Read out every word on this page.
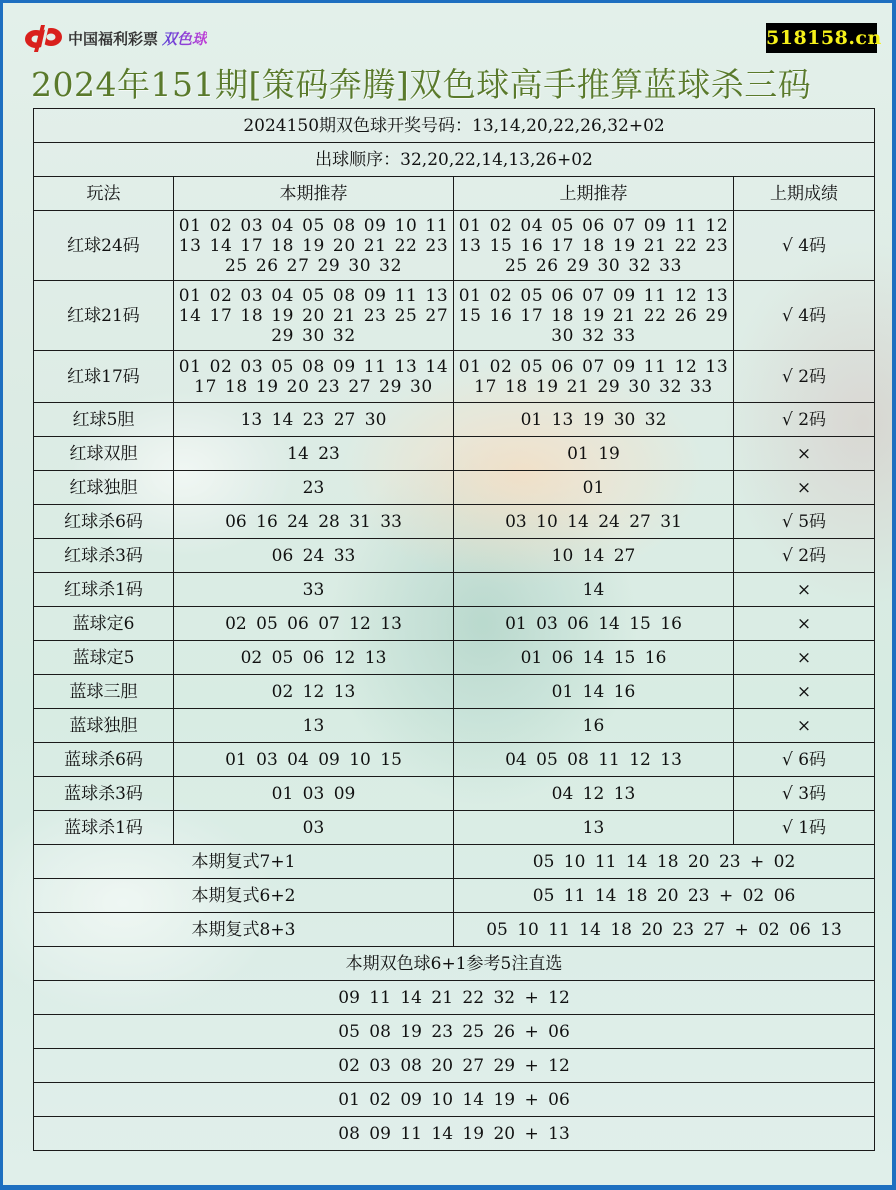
中国福利彩票 双色球	518158.cn
2024年151期[策码奔腾]双色球高手推算蓝球杀三码
2024150期双色球开奖号码：13,14,20,22,26,32+02			
出球顺序：32,20,22,14,13,26+02			
玩法	本期推荐	上期推荐	上期成绩
红球24码	01 02 03 04 05 08 09 10 11
13 14 17 18 19 20 21 22 23
25 26 27 29 30 32	01 02 04 05 06 07 09 11 12
13 15 16 17 18 19 21 22 23
25 26 29 30 32 33	√ 4码
红球21码	01 02 03 04 05 08 09 11 13
14 17 18 19 20 21 23 25 27
29 30 32	01 02 05 06 07 09 11 12 13
15 16 17 18 19 21 22 26 29
30 32 33	√ 4码
红球17码	01 02 03 05 08 09 11 13 14
17 18 19 20 23 27 29 30	01 02 05 06 07 09 11 12 13
17 18 19 21 29 30 32 33	√ 2码
红球5胆	13 14 23 27 30	01 13 19 30 32	√ 2码
红球双胆	14 23	01 19	×
红球独胆	23	01	×
红球杀6码	06 16 24 28 31 33	03 10 14 24 27 31	√ 5码
红球杀3码	06 24 33	10 14 27	√ 2码
红球杀1码	33	14	×
蓝球定6	02 05 06 07 12 13	01 03 06 14 15 16	×
蓝球定5	02 05 06 12 13	01 06 14 15 16	×
蓝球三胆	02 12 13	01 14 16	×
蓝球独胆	13	16	×
蓝球杀6码	01 03 04 09 10 15	04 05 08 11 12 13	√ 6码
蓝球杀3码	01 03 09	04 12 13	√ 3码
蓝球杀1码	03	13	√ 1码
本期复式7+1		05 10 11 14 18 20 23 + 02	
本期复式6+2		05 11 14 18 20 23 + 02 06	
本期复式8+3		05 10 11 14 18 20 23 27 + 02 06 13	
本期双色球6+1参考5注直选			
09 11 14 21 22 32 + 12			
05 08 19 23 25 26 + 06			
02 03 08 20 27 29 + 12			
01 02 09 10 14 19 + 06			
08 09 11 14 19 20 + 13			
